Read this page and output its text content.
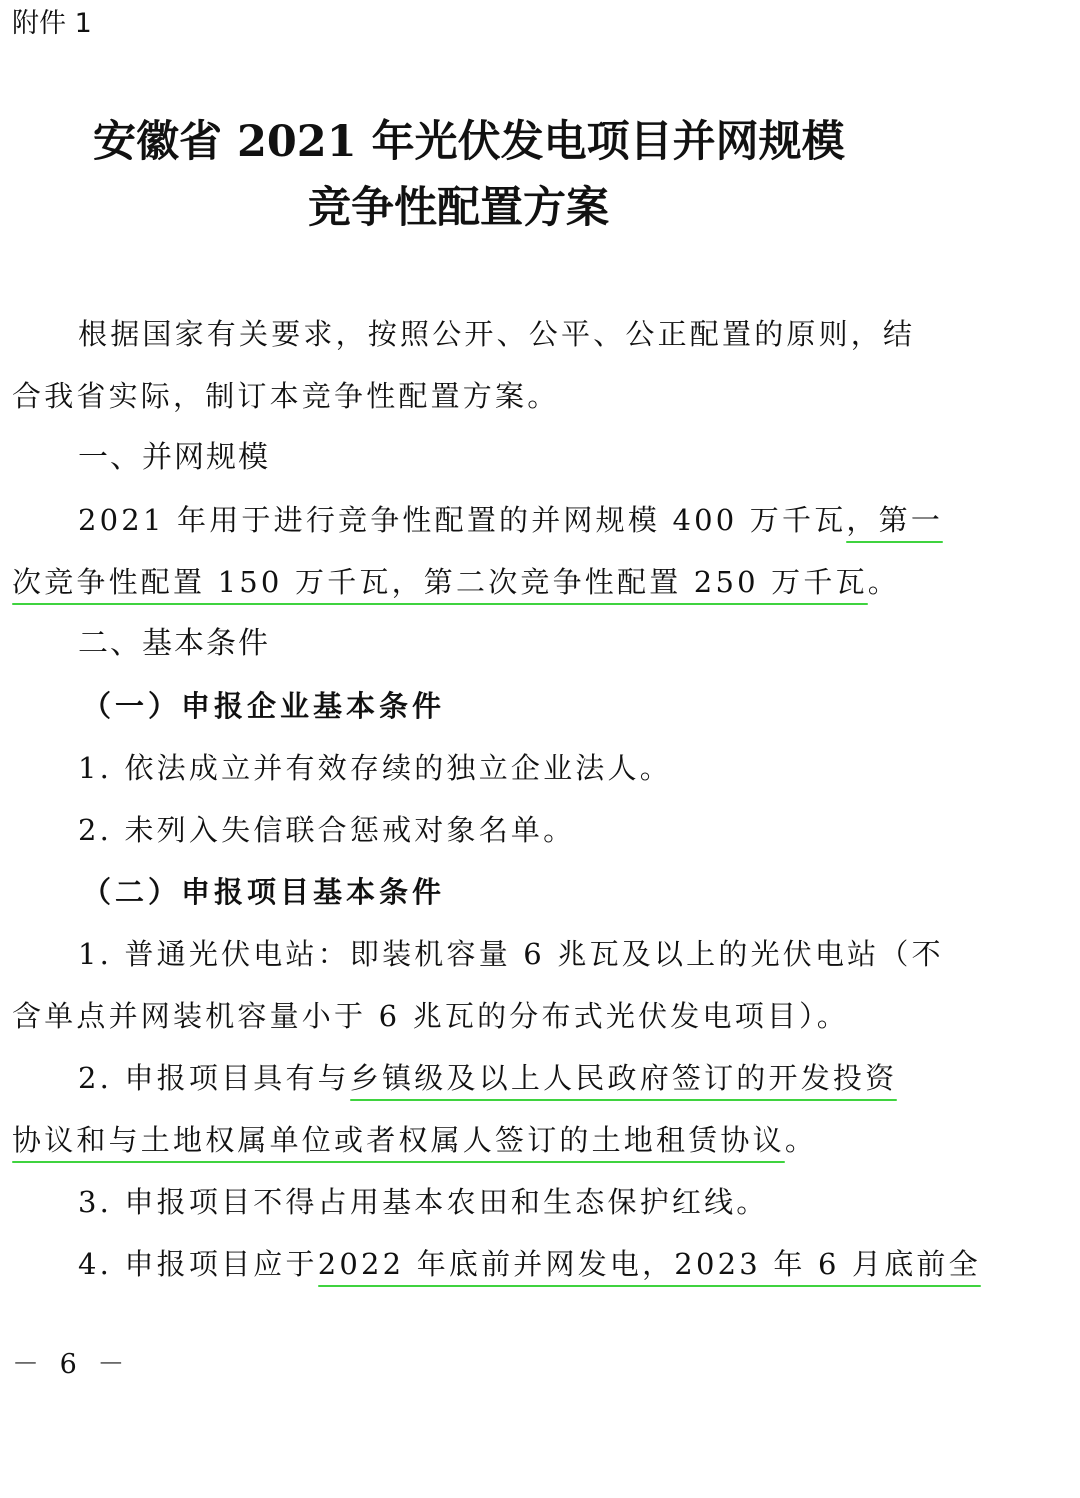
附件 1
安徽省 2021 年光伏发电项目并网规模
竞争性配置方案
根据国家有关要求，按照公开、公平、公正配置的原则，结
合我省实际，制订本竞争性配置方案。
一、并网规模
2021 年用于进行竞争性配置的并网规模 400 万千瓦，第一
次竞争性配置 150 万千瓦，第二次竞争性配置 250 万千瓦。
二、基本条件
（一）申报企业基本条件
1. 依法成立并有效存续的独立企业法人。
2. 未列入失信联合惩戒对象名单。
（二）申报项目基本条件
1. 普通光伏电站：即装机容量 6 兆瓦及以上的光伏电站（不
含单点并网装机容量小于 6 兆瓦的分布式光伏发电项目）。
2. 申报项目具有与乡镇级及以上人民政府签订的开发投资
协议和与土地权属单位或者权属人签订的土地租赁协议。
3. 申报项目不得占用基本农田和生态保护红线。
4. 申报项目应于2022 年底前并网发电，2023 年 6 月底前全
－ 6 －
